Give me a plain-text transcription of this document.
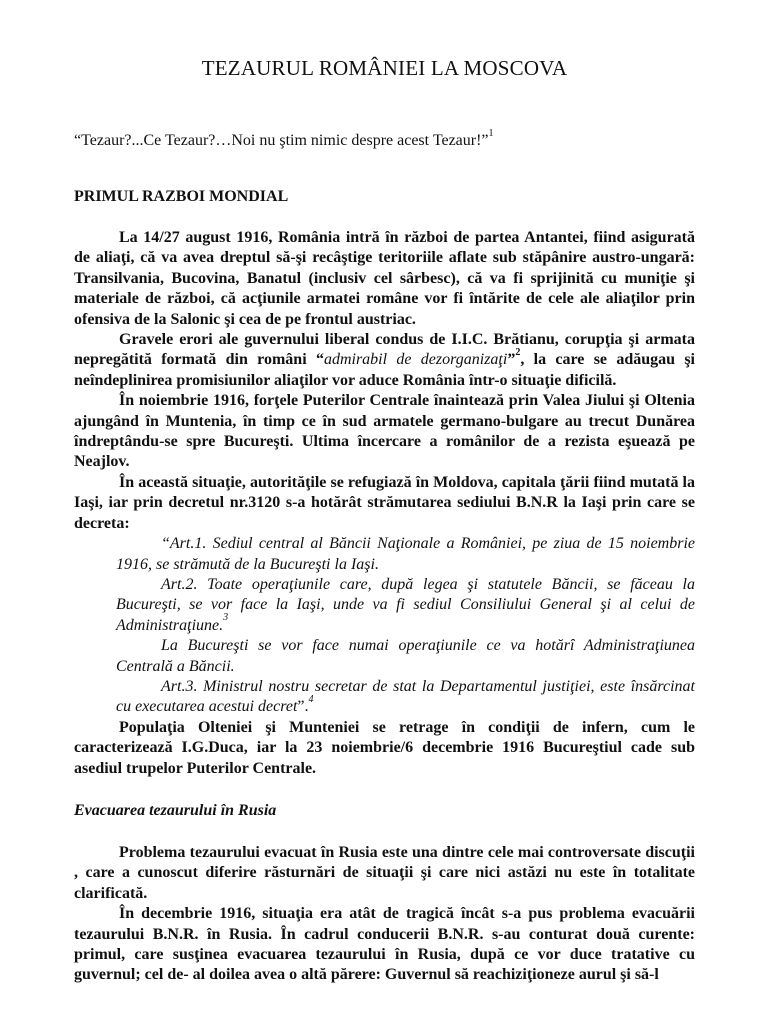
TEZAURUL ROMÂNIEI LA MOSCOVA

“Tezaur?...Ce Tezaur?…Noi nu ştim nimic despre acest Tezaur!”$^1$

PRIMUL RAZBOI MONDIAL

La 14/27 august 1916, România intră în război de partea Antantei, fiind asigurată de aliaţi, că va avea dreptul să-şi recâştige teritoriile aflate sub stăpânire austro-ungară: Transilvania, Bucovina, Banatul (inclusiv cel sârbesc), că va fi sprijinită cu muniţie şi materiale de război, că acţiunile armatei române vor fi întărite de cele ale aliaţilor prin ofensiva de la Salonic şi cea de pe frontul austriac.

Gravele erori ale guvernului liberal condus de I.I.C. Brătianu, corupţia şi armata nepregătită formată din români “admirabil de dezorganizaţi”$^2$, la care se adăugau şi neîndeplinirea promisiunilor aliaţilor vor aduce România într-o situaţie dificilă.

În noiembrie 1916, forţele Puterilor Centrale înaintează prin Valea Jiului şi Oltenia ajungând în Muntenia, în timp ce în sud armatele germano-bulgare au trecut Dunărea îndreptându-se spre Bucureşti. Ultima încercare a românilor de a rezista eşuează pe Neajlov.

În această situaţie, autorităţile se refugiază în Moldova, capitala ţării fiind mutată la Iaşi, iar prin decretul nr.3120 s-a hotărât strămutarea sediului B.N.R la Iaşi prin care se decreta:

“Art.1. Sediul central al Băncii Naţionale a României, pe ziua de 15 noiembrie 1916, se strămută de la Bucureşti la Iaşi.

Art.2. Toate operaţiunile care, după legea şi statutele Băncii, se făceau la Bucureşti, se vor face la Iaşi, unde va fi sediul Consiliului General şi al celui de Administraţiune.$^3$

La Bucureşti se vor face numai operaţiunile ce va hotărî Administraţiunea Centrală a Băncii.

Art.3. Ministrul nostru secretar de stat la Departamentul justiţiei, este însărcinat cu executarea acestui decret”.$^4$

Populaţia Olteniei şi Munteniei se retrage în condiţii de infern, cum le caracterizează I.G.Duca, iar la 23 noiembrie/6 decembrie 1916 Bucureştiul cade sub asediul trupelor Puterilor Centrale.

Evacuarea tezaurului în Rusia

Problema tezaurului evacuat în Rusia este una dintre cele mai controversate discuţii , care a cunoscut diferire răsturnări de situaţii şi care nici astăzi nu este în totalitate clarificată.

În decembrie 1916, situaţia era atât de tragică încât s-a pus problema evacuării tezaurului B.N.R. în Rusia. În cadrul conducerii B.N.R. s-au conturat două curente: primul, care susţinea evacuarea tezaurului în Rusia, după ce vor duce tratative cu guvernul; cel de- al doilea avea o altă părere: Guvernul să reachiziţioneze aurul şi să-l
